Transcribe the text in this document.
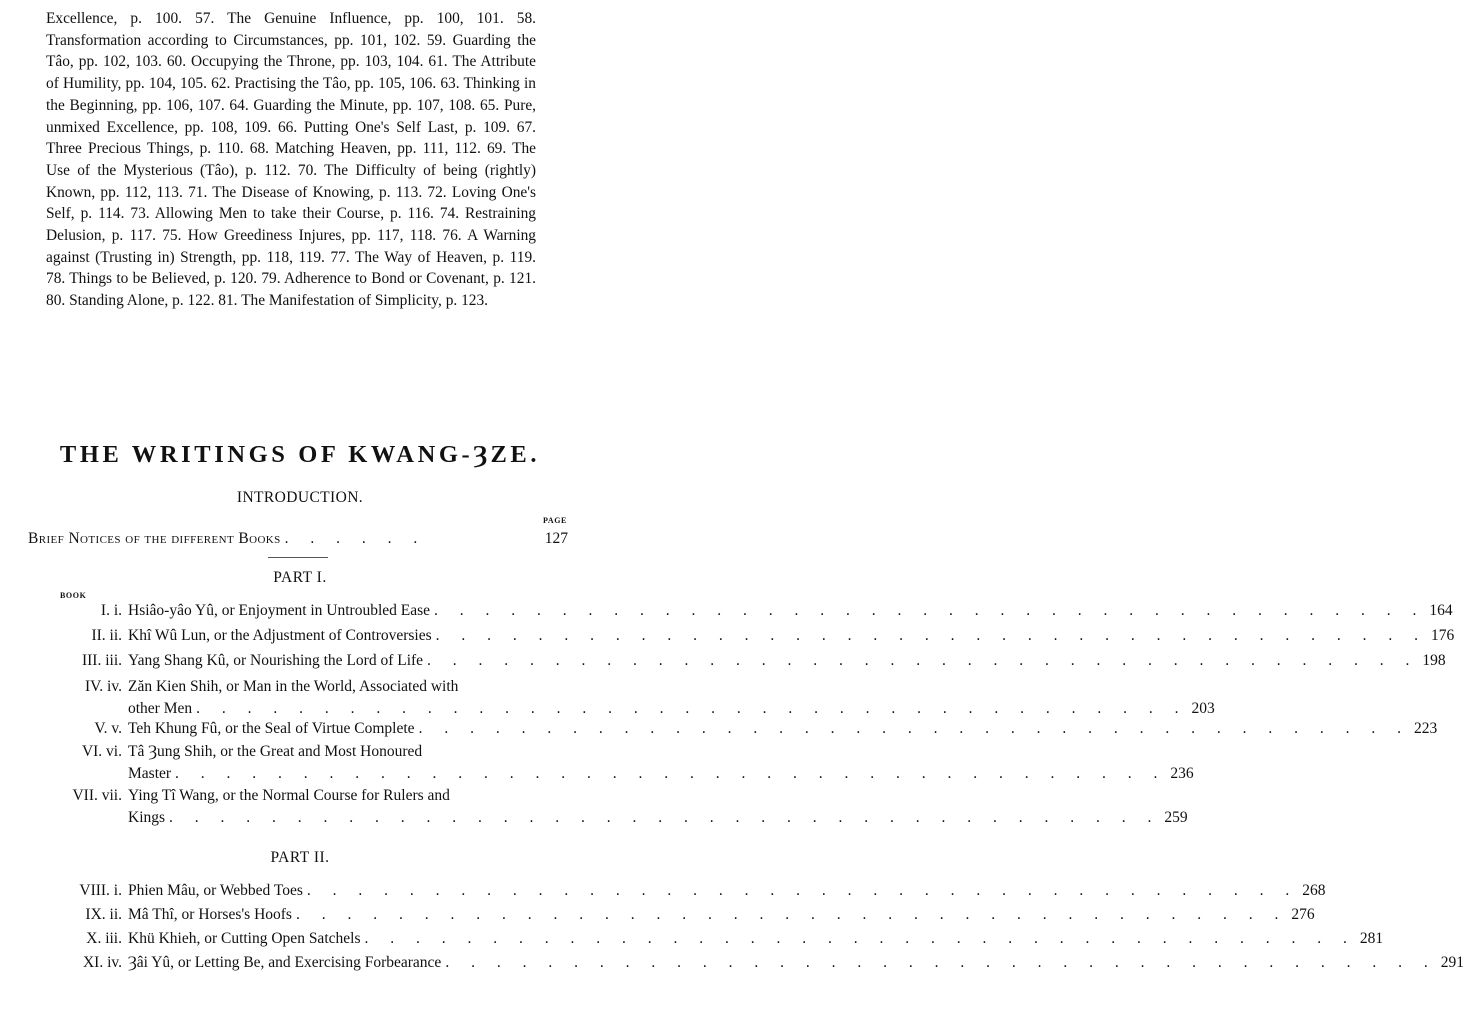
Excellence, p. 100. 57. The Genuine Influence, pp. 100, 101. 58. Transformation according to Circumstances, pp. 101, 102. 59. Guarding the Tâo, pp. 102, 103. 60. Occupying the Throne, pp. 103, 104. 61. The Attribute of Humility, pp. 104, 105. 62. Practising the Tâo, pp. 105, 106. 63. Thinking in the Beginning, pp. 106, 107. 64. Guarding the Minute, pp. 107, 108. 65. Pure, unmixed Excellence, pp. 108, 109. 66. Putting One's Self Last, p. 109. 67. Three Precious Things, p. 110. 68. Matching Heaven, pp. 111, 112. 69. The Use of the Mysterious (Tâo), p. 112. 70. The Difficulty of being (rightly) Known, pp. 112, 113. 71. The Disease of Knowing, p. 113. 72. Loving One's Self, p. 114. 73. Allowing Men to take their Course, p. 116. 74. Restraining Delusion, p. 117. 75. How Greediness Injures, pp. 117, 118. 76. A Warning against (Trusting in) Strength, pp. 118, 119. 77. The Way of Heaven, p. 119. 78. Things to be Believed, p. 120. 79. Adherence to Bond or Covenant, p. 121. 80. Standing Alone, p. 122. 81. The Manifestation of Simplicity, p. 123.
THE WRITINGS OF KWANG-ȜZE.
INTRODUCTION.
PAGE
Brief Notices of the different Books . . . . . .	127
PART I.
BOOK
PART II.
I. i. Hsiâo-yâo Yû, or Enjoyment in Untroubled Ease . . . . . . . . . . . . . . . . . . . . . . . . . . . . . . . . . . . . . . . 164
II. ii. Khî Wû Lun, or the Adjustment of Controversies . . . . . . . . . . . . . . . . . . . . . . . . . . . . . . . . . . . . . . . 176
III. iii. Yang Shang Kû, or Nourishing the Lord of Life . . . . . . . . . . . . . . . . . . . . . . . . . . . . . . . . . . . . . . . 198
IV. iv. Zăn Kien Shih, or Man in the World, Associated with
other Men . . . . . . . . . . . . . . . . . . . . . . . . . . . . . . . . . . . . . . . 203
V. v. Teh Khung Fû, or the Seal of Virtue Complete . . . . . . . . . . . . . . . . . . . . . . . . . . . . . . . . . . . . . . . 223
VI. vi. Tâ Ȝung Shih, or the Great and Most Honoured
Master . . . . . . . . . . . . . . . . . . . . . . . . . . . . . . . . . . . . . . . 236
VII. vii. Ying Tî Wang, or the Normal Course for Rulers and
Kings . . . . . . . . . . . . . . . . . . . . . . . . . . . . . . . . . . . . . . . 259
VIII. i. Phien Mâu, or Webbed Toes . . . . . . . . . . . . . . . . . . . . . . . . . . . . . . . . . . . . . . . 268
IX. ii. Mâ Thî, or Horses's Hoofs . . . . . . . . . . . . . . . . . . . . . . . . . . . . . . . . . . . . . . . 276
X. iii. Khü Khieh, or Cutting Open Satchels . . . . . . . . . . . . . . . . . . . . . . . . . . . . . . . . . . . . . . . 281
XI. iv. Ȝâi Yû, or Letting Be, and Exercising Forbearance . . . . . . . . . . . . . . . . . . . . . . . . . . . . . . . . . . . . . . . 291
